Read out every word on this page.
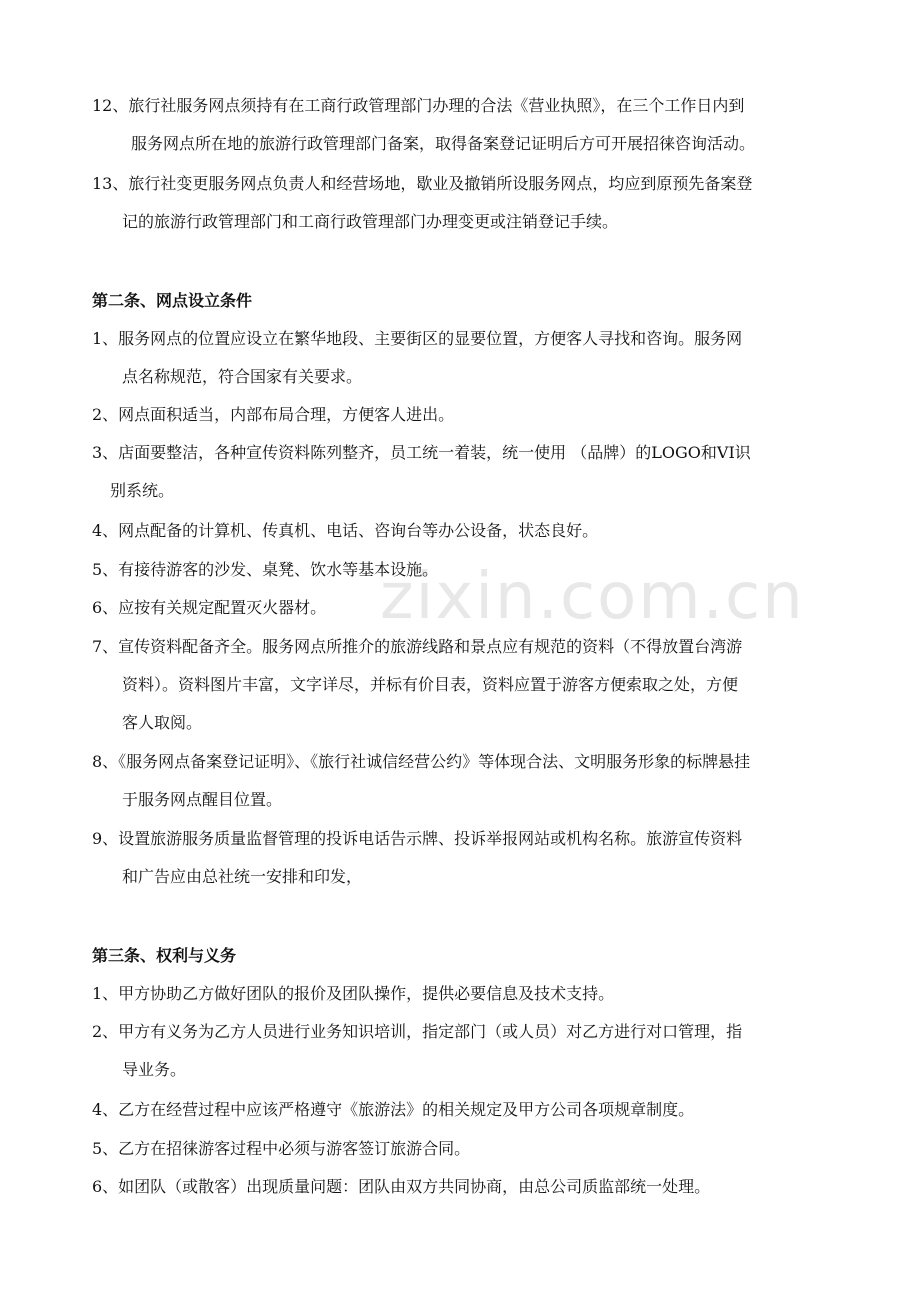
zixin.com.cn
12、旅行社服务网点须持有在工商行政管理部门办理的合法《营业执照》，在三个工作日内到
服务网点所在地的旅游行政管理部门备案，取得备案登记证明后方可开展招徕咨询活动。
13、旅行社变更服务网点负责人和经营场地，歇业及撤销所设服务网点，均应到原预先备案登
记的旅游行政管理部门和工商行政管理部门办理变更或注销登记手续。
第二条、网点设立条件
1、服务网点的位置应设立在繁华地段、主要街区的显要位置，方便客人寻找和咨询。服务网
点名称规范，符合国家有关要求。
2、网点面积适当，内部布局合理，方便客人进出。
3、店面要整洁，各种宣传资料陈列整齐，员工统一着装，统一使用 （品牌）的LOGO和VI识
别系统。
4、网点配备的计算机、传真机、电话、咨询台等办公设备，状态良好。
5、有接待游客的沙发、桌凳、饮水等基本设施。
6、应按有关规定配置灭火器材。
7、宣传资料配备齐全。服务网点所推介的旅游线路和景点应有规范的资料（不得放置台湾游
资料）。资料图片丰富，文字详尽，并标有价目表，资料应置于游客方便索取之处，方便
客人取阅。
8、《服务网点备案登记证明》、《旅行社诚信经营公约》等体现合法、文明服务形象的标牌悬挂
于服务网点醒目位置。
9、设置旅游服务质量监督管理的投诉电话告示牌、投诉举报网站或机构名称。旅游宣传资料
和广告应由总社统一安排和印发，
第三条、权利与义务
1、甲方协助乙方做好团队的报价及团队操作，提供必要信息及技术支持。
2、甲方有义务为乙方人员进行业务知识培训，指定部门（或人员）对乙方进行对口管理，指
导业务。
4、乙方在经营过程中应该严格遵守《旅游法》的相关规定及甲方公司各项规章制度。
5、乙方在招徕游客过程中必须与游客签订旅游合同。
6、如团队（或散客）出现质量问题：团队由双方共同协商，由总公司质监部统一处理。
